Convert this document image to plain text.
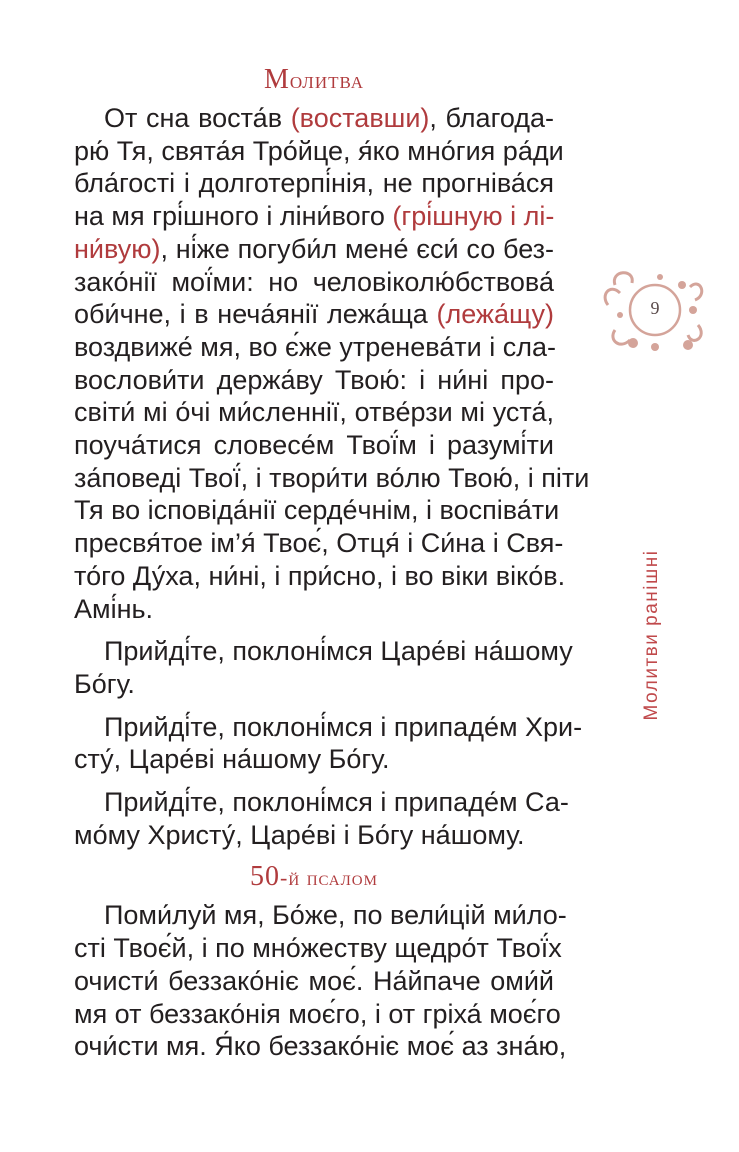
Молитва
От сна воста́в (воставши), благода-
рю́ Тя, свята́я Тро́йце, я́ко мно́гия ра́ди
бла́гості і долготерпі́нія, не прогніва́ся
на мя грі́шного і ліни́вого (грі́шную і лі-
ни́вую), ні́же погуби́л мене́ єси́ со без-
зако́нії мої́ми: но человіколю́бствова́
оби́чне, і в неча́янії лежа́ща (лежа́щу)
воздвиже́ мя, во є́же утренева́ти і сла-
вослови́ти держа́ву Твою́: і ни́ні про-
світи́ мі о́чі ми́сленнії, отве́рзи мі уста́,
поуча́тися словесе́м Твої́м і разумі́ти
за́поведі Твої́, і твори́ти во́лю Твою́, і піти
Тя во ісповіда́нії серде́чнім, і воспіва́ти
пресвя́тое ім’я́ Твоє́, Отця́ і Си́на і Свя-
то́го Ду́ха, ни́ні, і при́сно, і во віки віко́в.
Амі́нь.
Прийді́те, поклоні́мся Царе́ві на́шому
Бо́гу.
Прийді́те, поклоні́мся і припаде́м Хри-
сту́, Царе́ві на́шому Бо́гу.
Прийді́те, поклоні́мся і припаде́м Са-
мо́му Христу́, Царе́ві і Бо́гу на́шому.
50-й псалом
Поми́луй мя, Бо́же, по вели́цій ми́ло-
сті Твоє́й, і по мно́жеству щедро́т Твої́х
очисти́ беззако́ніє моє́. На́йпаче оми́й
мя от беззако́нія моє́го, і от гріха́ моє́го
очи́сти мя. Я́ко беззако́ніє моє́ аз зна́ю,
9
Молитви ранішні
